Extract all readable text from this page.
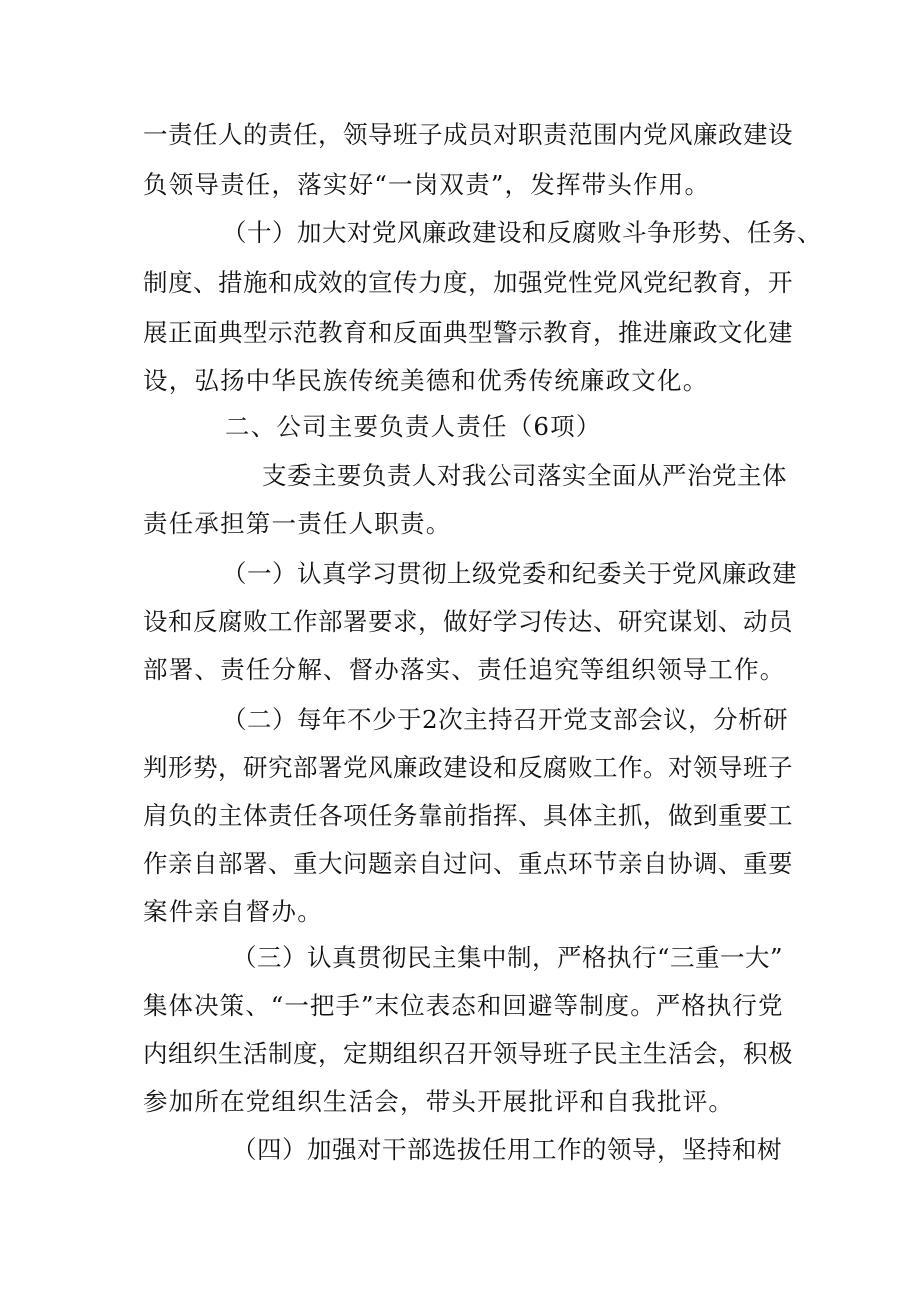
一责任人的责任，领导班子成员对职责范围内党风廉政建设
负领导责任，落实好“一岗双责”，发挥带头作用。
（十）加大对党风廉政建设和反腐败斗争形势、任务、
制度、措施和成效的宣传力度，加强党性党风党纪教育，开
展正面典型示范教育和反面典型警示教育，推进廉政文化建
设，弘扬中华民族传统美德和优秀传统廉政文化。
二、公司主要负责人责任（6项）
支委主要负责人对我公司落实全面从严治党主体
责任承担第一责任人职责。
（一）认真学习贯彻上级党委和纪委关于党风廉政建
设和反腐败工作部署要求，做好学习传达、研究谋划、动员
部署、责任分解、督办落实、责任追究等组织领导工作。
（二）每年不少于2次主持召开党支部会议，分析研
判形势，研究部署党风廉政建设和反腐败工作。对领导班子
肩负的主体责任各项任务靠前指挥、具体主抓，做到重要工
作亲自部署、重大问题亲自过问、重点环节亲自协调、重要
案件亲自督办。
（三）认真贯彻民主集中制，严格执行“三重一大”
集体决策、“一把手”末位表态和回避等制度。严格执行党
内组织生活制度，定期组织召开领导班子民主生活会，积极
参加所在党组织生活会，带头开展批评和自我批评。
（四）加强对干部选拔任用工作的领导，坚持和树
